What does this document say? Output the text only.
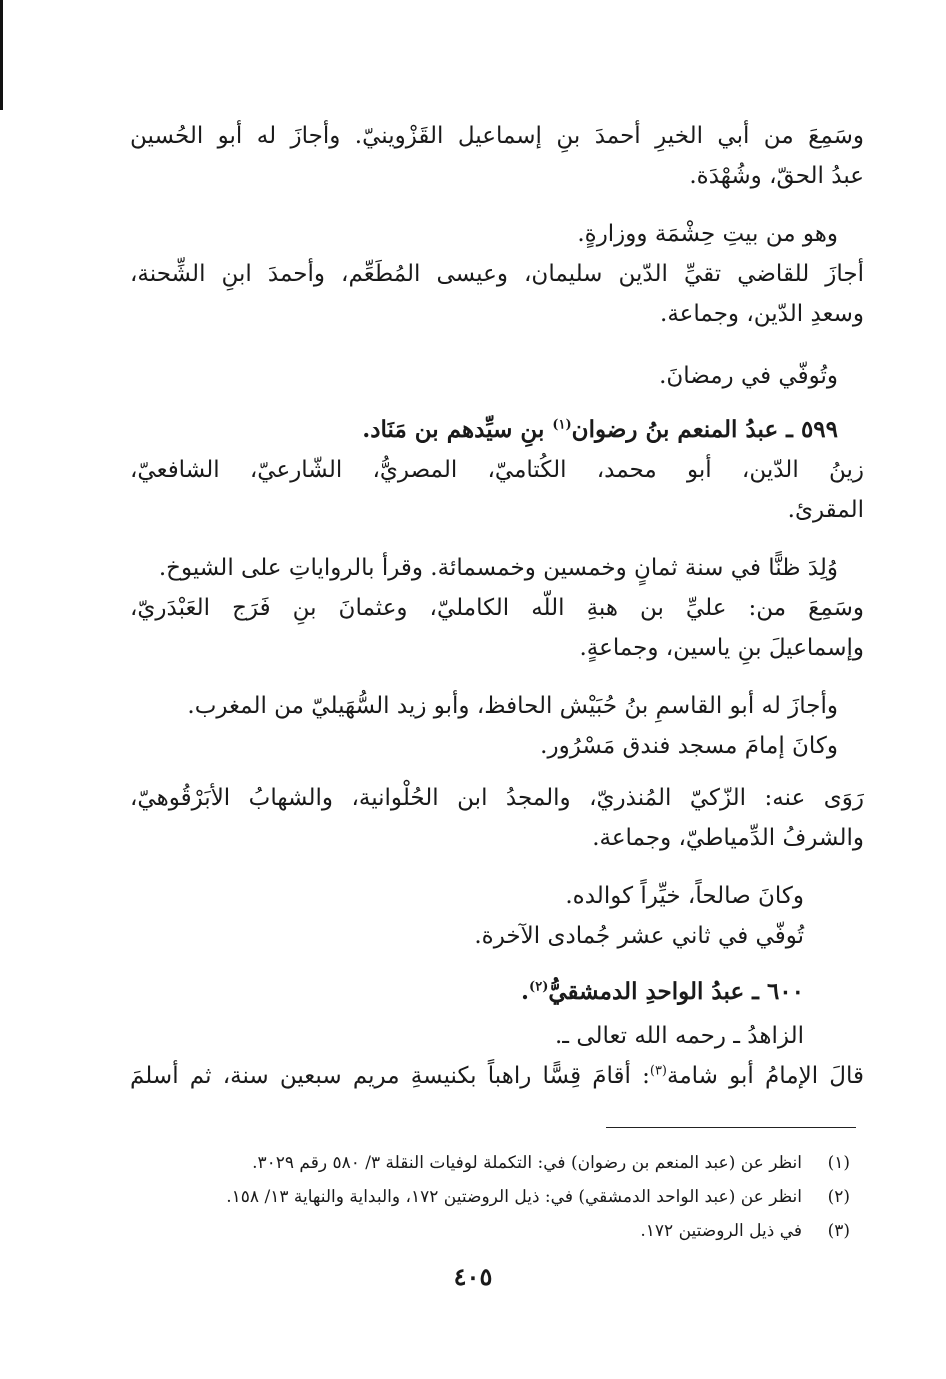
وسَمِعَ من أبي الخيرِ أحمدَ بنِ إسماعيل القَزْوينيّ. وأجازَ له أبو الحُسين
عبدُ الحقّ، وشُهْدَة.
وهو من بيتِ حِشْمَة ووزارةٍ.
أجازَ للقاضي تقيِّ الدّين سليمان، وعيسى المُطَعِّم، وأحمدَ ابنِ الشِّحنة،
وسعدِ الدّين، وجماعة.
وتُوفّي في رمضانَ.
٥٩٩ ـ عبدُ المنعم بنُ رضوان$^{(١)}$ بنِ سيِّدهم بن مَنَاد.
زينُ الدّين، أبو محمد، الكُتاميّ، المصريُّ، الشّارعيّ، الشافعيّ،
المقرئ.
وُلِدَ ظنًّا في سنة ثمانٍ وخمسين وخمسمائة. وقرأ بالرواياتِ على الشيوخ.
وسَمِعَ من: عليِّ بن هبةِ اللّه الكامليّ، وعثمانَ بنِ فَرَج العَبْدَريّ،
وإسماعيلَ بنِ ياسين، وجماعةٍ.
وأجازَ له أبو القاسمِ بنُ حُبَيْش الحافظ، وأبو زيد السُّهَيليّ من المغرب.
وكانَ إمامَ مسجد فندق مَسْرُور.
رَوَى عنه: الزّكيّ المُنذريّ، والمجدُ ابن الحُلْوانية، والشهابُ الأبَرْقُوهيّ،
والشرفُ الدِّمياطيّ، وجماعة.
وكانَ صالحاً، خيِّراً كوالده.
تُوفّي في ثاني عشر جُمادى الآخرة.
٦٠٠ ـ عبدُ الواحدِ الدمشقيُّ$^{(٢)}$.
الزاهدُ ـ رحمه الله تعالى ـ.
قالَ الإمامُ أبو شامة$^{(٣)}$: أقامَ قِسًّا راهباً بكنيسةِ مريم سبعين سنة، ثم أسلمَ
(١)انظر عن (عبد المنعم بن رضوان) في: التكملة لوفيات النقلة ٣/ ٥٨٠ رقم ٣٠٢٩.
(٢)انظر عن (عبد الواحد الدمشقي) في: ذيل الروضتين ١٧٢، والبداية والنهاية ١٣/ ١٥٨.
(٣)في ذيل الروضتين ١٧٢.
٤٠٥
